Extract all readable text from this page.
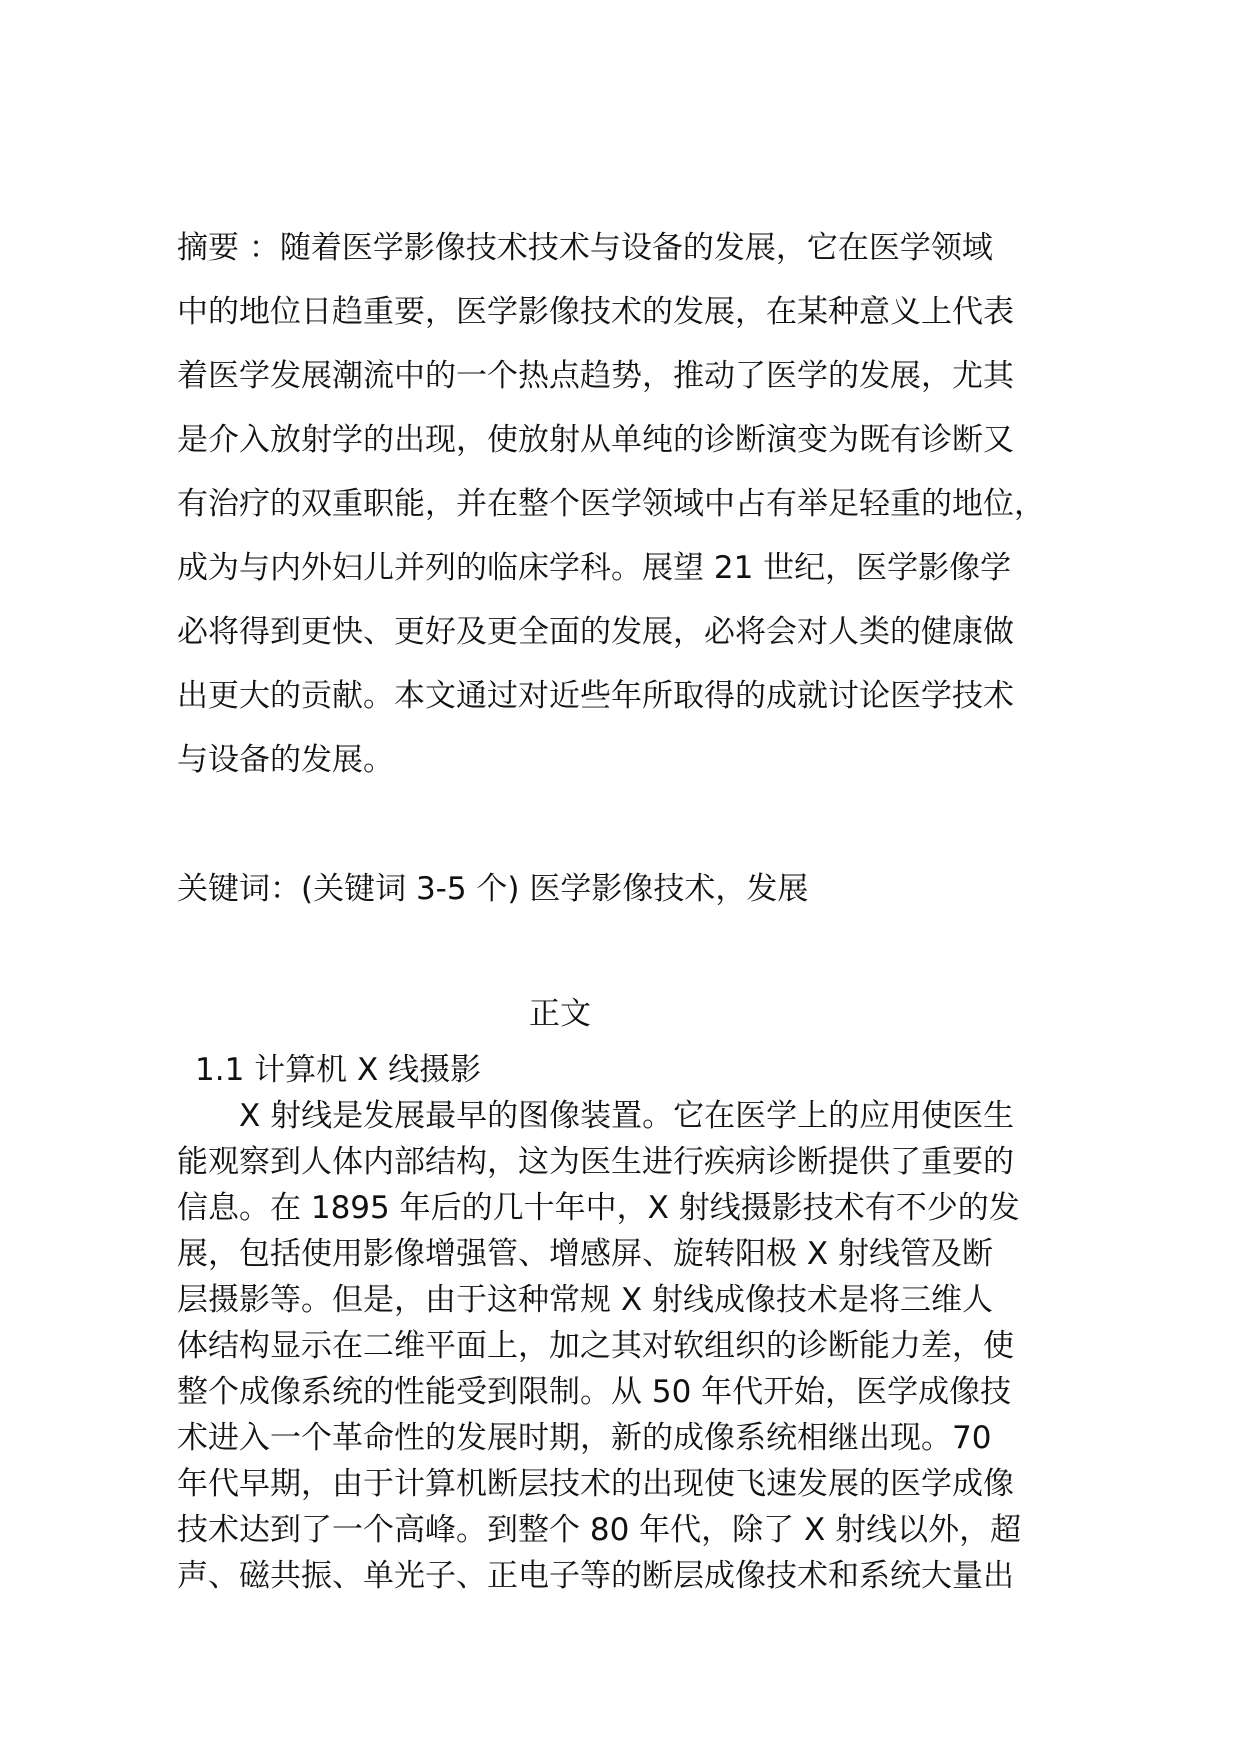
摘要 ：随着医学影像技术技术与设备的发展，它在医学领域
中的地位日趋重要，医学影像技术的发展，在某种意义上代表
着医学发展潮流中的一个热点趋势，推动了医学的发展，尤其
是介入放射学的出现，使放射从单纯的诊断演变为既有诊断又
有治疗的双重职能，并在整个医学领域中占有举足轻重的地位，
成为与内外妇儿并列的临床学科。展望 21 世纪，医学影像学
必将得到更快、更好及更全面的发展，必将会对人类的健康做
出更大的贡献。本文通过对近些年所取得的成就讨论医学技术
与设备的发展。
关键词：(关键词 3-5 个) 医学影像技术，发展
正文
1.1 计算机 X 线摄影
　　X 射线是发展最早的图像装置。它在医学上的应用使医生
能观察到人体内部结构，这为医生进行疾病诊断提供了重要的
信息。在 1895 年后的几十年中，X 射线摄影技术有不少的发
展，包括使用影像增强管、增感屏、旋转阳极 X 射线管及断
层摄影等。但是，由于这种常规 X 射线成像技术是将三维人
体结构显示在二维平面上，加之其对软组织的诊断能力差，使
整个成像系统的性能受到限制。从 50 年代开始，医学成像技
术进入一个革命性的发展时期，新的成像系统相继出现。70
年代早期，由于计算机断层技术的出现使飞速发展的医学成像
技术达到了一个高峰。到整个 80 年代，除了 X 射线以外，超
声、磁共振、单光子、正电子等的断层成像技术和系统大量出
